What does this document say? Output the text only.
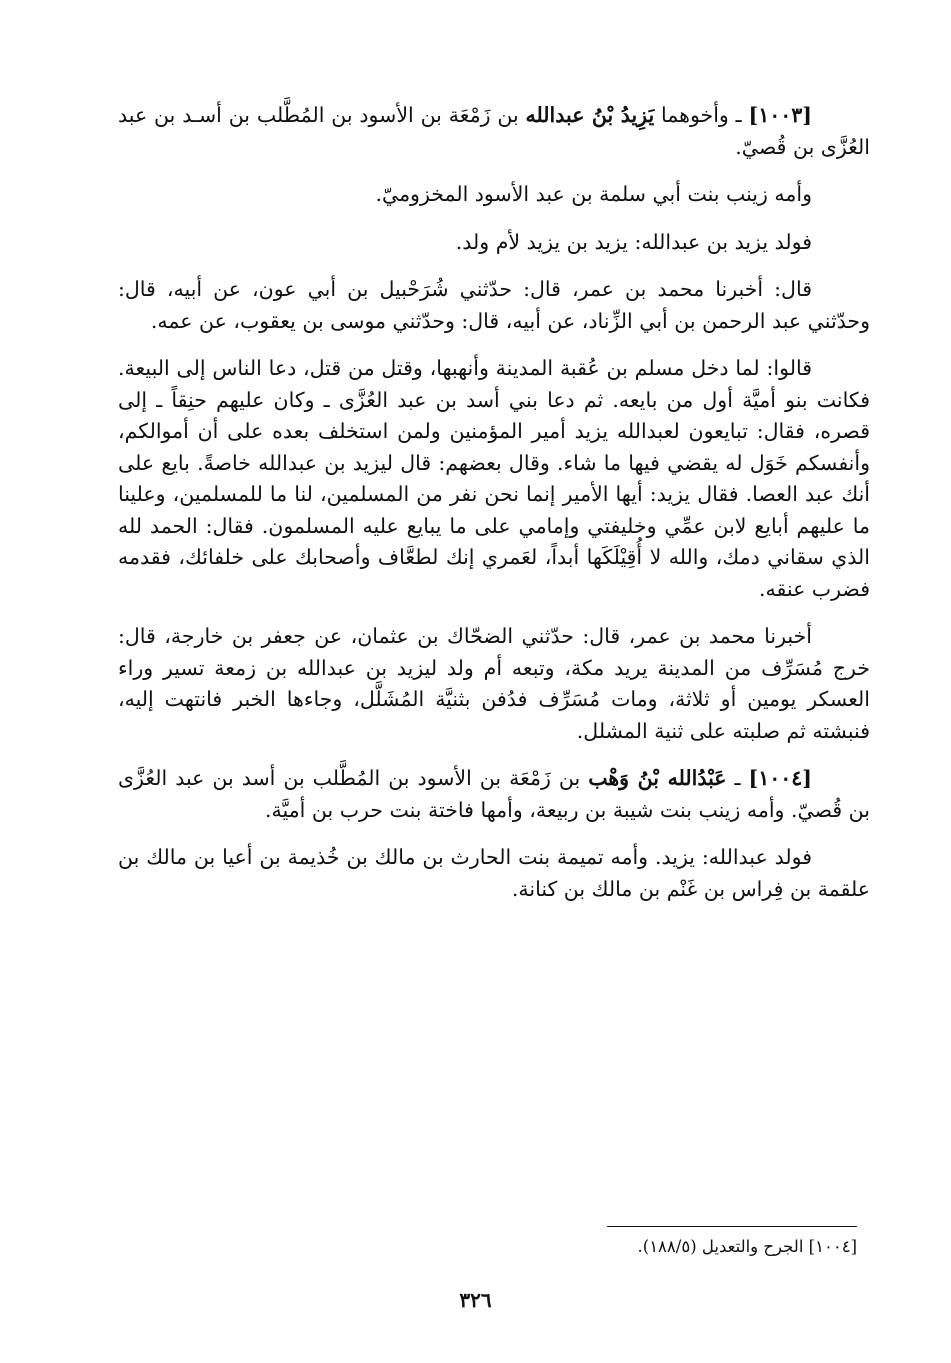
[١٠٠٣] ـ وأخوهما يَزِيدُ بْنُ عبدالله بن زَمْعَة بن الأسود بن المُطَّلب بن أسـد بن عبد العُزَّى بن قُصيّ.

وأمه زينب بنت أبي سلمة بن عبد الأسود المخزوميّ.

فولد يزيد بن عبدالله: يزيد بن يزيد لأم ولد.

قال: أخبرنا محمد بن عمر، قال: حدّثني شُرَحْبيل بن أبي عون، عن أبيه، قال: وحدّثني عبد الرحمن بن أبي الزِّناد، عن أبيه، قال: وحدّثني موسى بن يعقوب، عن عمه.

قالوا: لما دخل مسلم بن عُقبة المدينة وأنهبها، وقتل من قتل، دعا الناس إلى البيعة. فكانت بنو أميَّة أول من بايعه. ثم دعا بني أسد بن عبد العُزَّى ـ وكان عليهم حنِقاً ـ إلى قصره، فقال: تبايعون لعبدالله يزيد أمير المؤمنين ولمن استخلف بعده على أن أموالكم، وأنفسكم خَوَل له يقضي فيها ما شاء. وقال بعضهم: قال ليزيد بن عبدالله خاصةً. بايع على أنك عبد العصا. فقال يزيد: أيها الأمير إنما نحن نفر من المسلمين، لنا ما للمسلمين، وعلينا ما عليهم أبايع لابن عمِّي وخليفتي وإمامي على ما يبايع عليه المسلمون. فقال: الحمد لله الذي سقاني دمك، والله لا أُقِيْلَكَها أبداً، لعَمري إنك لطعَّاف وأصحابك على خلفائك، فقدمه فضرب عنقه.

أخبرنا محمد بن عمر، قال: حدّثني الضحّاك بن عثمان، عن جعفر بن خارجة، قال: خرج مُسَرِّف من المدينة يريد مكة، وتبعه أم ولد ليزيد بن عبدالله بن زمعة تسير وراء العسكر يومين أو ثلاثة، ومات مُسَرِّف فدُفن بثنيَّة المُشَلَّل، وجاءها الخبر فانتهت إليه، فنبشته ثم صلبته على ثنية المشلل.

[١٠٠٤] ـ عَبْدُالله بْنُ وَهْب بن زَمْعَة بن الأسود بن المُطَّلب بن أسد بن عبد العُزَّى بن قُصيّ. وأمه زينب بنت شيبة بن ربيعة، وأمها فاختة بنت حرب بن أميَّة.

فولد عبدالله: يزيد. وأمه تميمة بنت الحارث بن مالك بن خُذيمة بن أعيا بن مالك بن علقمة بن فِراس بن غَنْم بن مالك بن كنانة.

[١٠٠٤] الجرح والتعديل (١٨٨/٥).
٣٢٦
